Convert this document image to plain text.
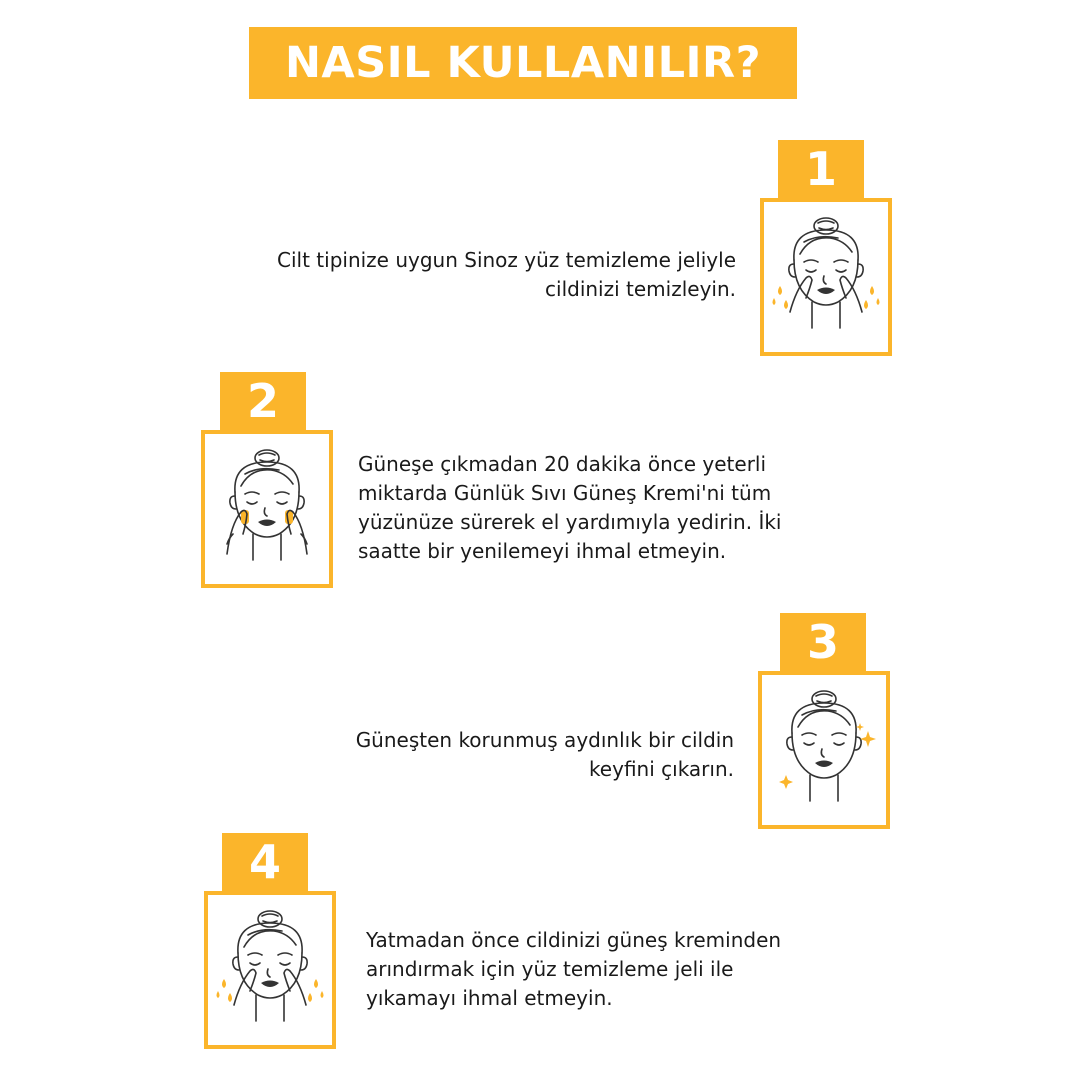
NASIL KULLANILIR?
1
Cilt tipinize uygun Sinoz yüz temizleme jeliyle
cildinizi temizleyin.
2
Güneşe çıkmadan 20 dakika önce yeterli
miktarda Günlük Sıvı Güneş Kremi'ni tüm
yüzünüze sürerek el yardımıyla yedirin. İki
saatte bir yenilemeyi ihmal etmeyin.
3
Güneşten korunmuş aydınlık bir cildin
keyfini çıkarın.
4
Yatmadan önce cildinizi güneş kreminden
arındırmak için yüz temizleme jeli ile
yıkamayı ihmal etmeyin.
